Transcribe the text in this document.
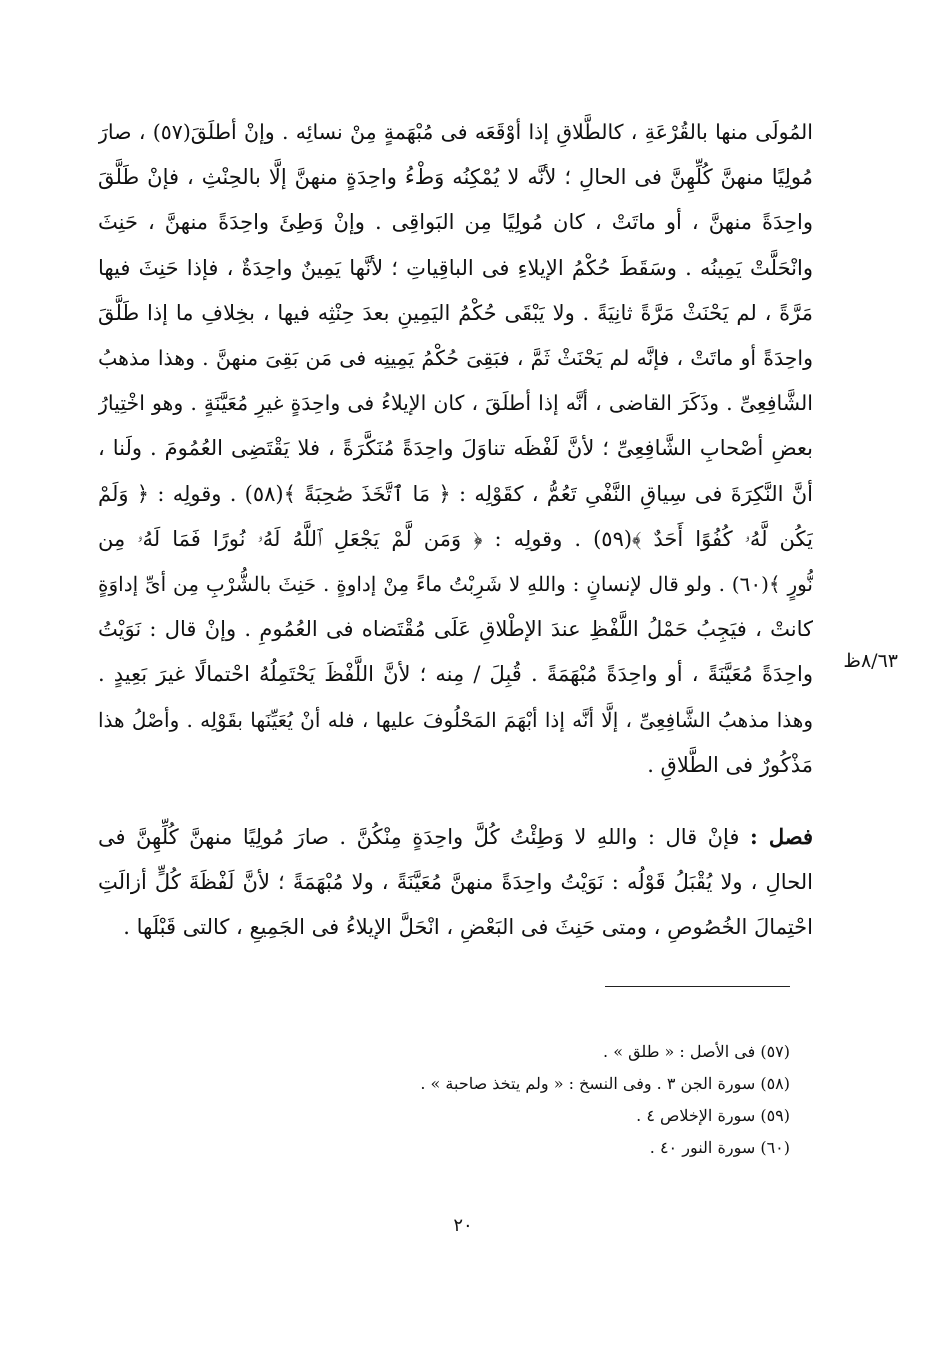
المُولَى منها بالقُرْعَةِ ، كالطَّلاقِ إذا أوْقَعَه فى مُبْهَمةٍ مِنْ نسائِه . وإنْ أطلَقَ(٥٧) ، صارَ
مُولِيًا منهنَّ كُلِّهِنَّ فى الحالِ ؛ لأنَّه لا يُمْكِنُه وَطْءُ واحِدَةٍ منهنَّ إلَّا بالحِنْثِ ، فإنْ طَلَّقَ
واحِدَةً منهنَّ ، أو ماتَتْ ، كان مُولِيًا مِن البَواقِى . وإنْ وَطِئَ واحِدَةً منهنَّ ، حَنِثَ
وانْحَلَّتْ يَمِينُه . وسَقَطَ حُكْمُ الإيلاءِ فى الباقِياتِ ؛ لأنَّها يَمِينٌ واحِدَةٌ ، فإذا حَنِثَ فيها
مَرَّةً ، لم يَحْنَثْ مَرَّةً ثانِيَةً . ولا يَبْقَى حُكْمُ اليَمِينِ بعدَ حِنْثِه فيها ، بخِلافِ ما إذا طَلَّقَ
واحِدَةً أو ماتَتْ ، فإنَّه لم يَحْنَثْ ثَمَّ ، فبَقِىَ حُكْمُ يَمِينِه فى مَن بَقِىَ منهنَّ . وهذا مذهبُ
الشَّافِعِىِّ . وذَكَرَ القاضى ، أنَّه إذا أطلَقَ ، كان الإيلاءُ فى واحِدَةٍ غيرِ مُعَيَّنَةٍ . وهو اخْتِيارُ
بعضِ أصْحابِ الشَّافِعِىِّ ؛ لأنَّ لَفْظَه تناوَلَ واحِدَةً مُنَكَّرَةً ، فلا يَقْتَضِى العُمُومَ . ولَنا ،
أنَّ النَّكِرَةَ فى سِياقِ النَّفْىِ تَعُمُّ ، كقَوْلِه : ﴿ مَا ٱتَّخَذَ صَٰحِبَةً ﴾(٥٨) . وقولِه : ﴿ وَلَمْ
يَكُن لَّهُۥ كُفُوًا أَحَدٌ ﴾(٥٩) . وقولِه : ﴿ وَمَن لَّمْ يَجْعَلِ ٱللَّهُ لَهُۥ نُورًا فَمَا لَهُۥ مِن
نُّورٍ ﴾(٦٠) . ولو قال لإنسانٍ : واللهِ لا شَرِبْتُ ماءً مِنْ إداوةٍ . حَنِثَ بالشُّرْبِ مِن أىِّ إداوَةٍ
كانتْ ، فيَجِبُ حَمْلُ اللَّفْظِ عندَ الإطْلاقِ عَلَى مُقْتَضاه فى العُمُومِ . وإنْ قال : نَوَيْتُ
واحِدَةً مُعَيَّنَةً ، أو واحِدَةً مُبْهَمَةً . قُبِلَ / مِنه ؛ لأنَّ اللَّفْظَ يَحْتَمِلُهُ احْتمالًا غيرَ بَعِيدٍ .
وهذا مذهبُ الشَّافِعِىِّ ، إلَّا أنَّه إذا أبْهَمَ المَحْلُوفَ عليها ، فله أنْ يُعَيِّنَها بقَوْلِه . وأصْلُ هذا
مَذْكُورٌ فى الطَّلاقِ .
فصل : فإنْ قال : واللهِ لا وَطِئْتُ كُلَّ واحِدَةٍ مِنْكُنَّ . صارَ مُولِيًا منهنَّ كُلِّهِنَّ فى
الحالِ ، ولا يُقْبَلُ قَوْلُه : نَوَيْتُ واحِدَةً منهنَّ مُعَيَّنَةً ، ولا مُبْهَمَةً ؛ لأنَّ لَفْظَةَ كُلٍّ أزالَتِ
احْتِمالَ الخُصُوصِ ، ومتى حَنِثَ فى البَعْضِ ، انْحَلَّ الإيلاءُ فى الجَمِيعِ ، كالتى قَبْلَها .
٨/٦٣ظ
(٥٧) فى الأصل : « طلق » .
(٥٨) سورة الجن ٣ . وفى النسخ : « ولم يتخذ صاحبة » .
(٥٩) سورة الإخلاص ٤ .
(٦٠) سورة النور ٤٠ .
٢٠
